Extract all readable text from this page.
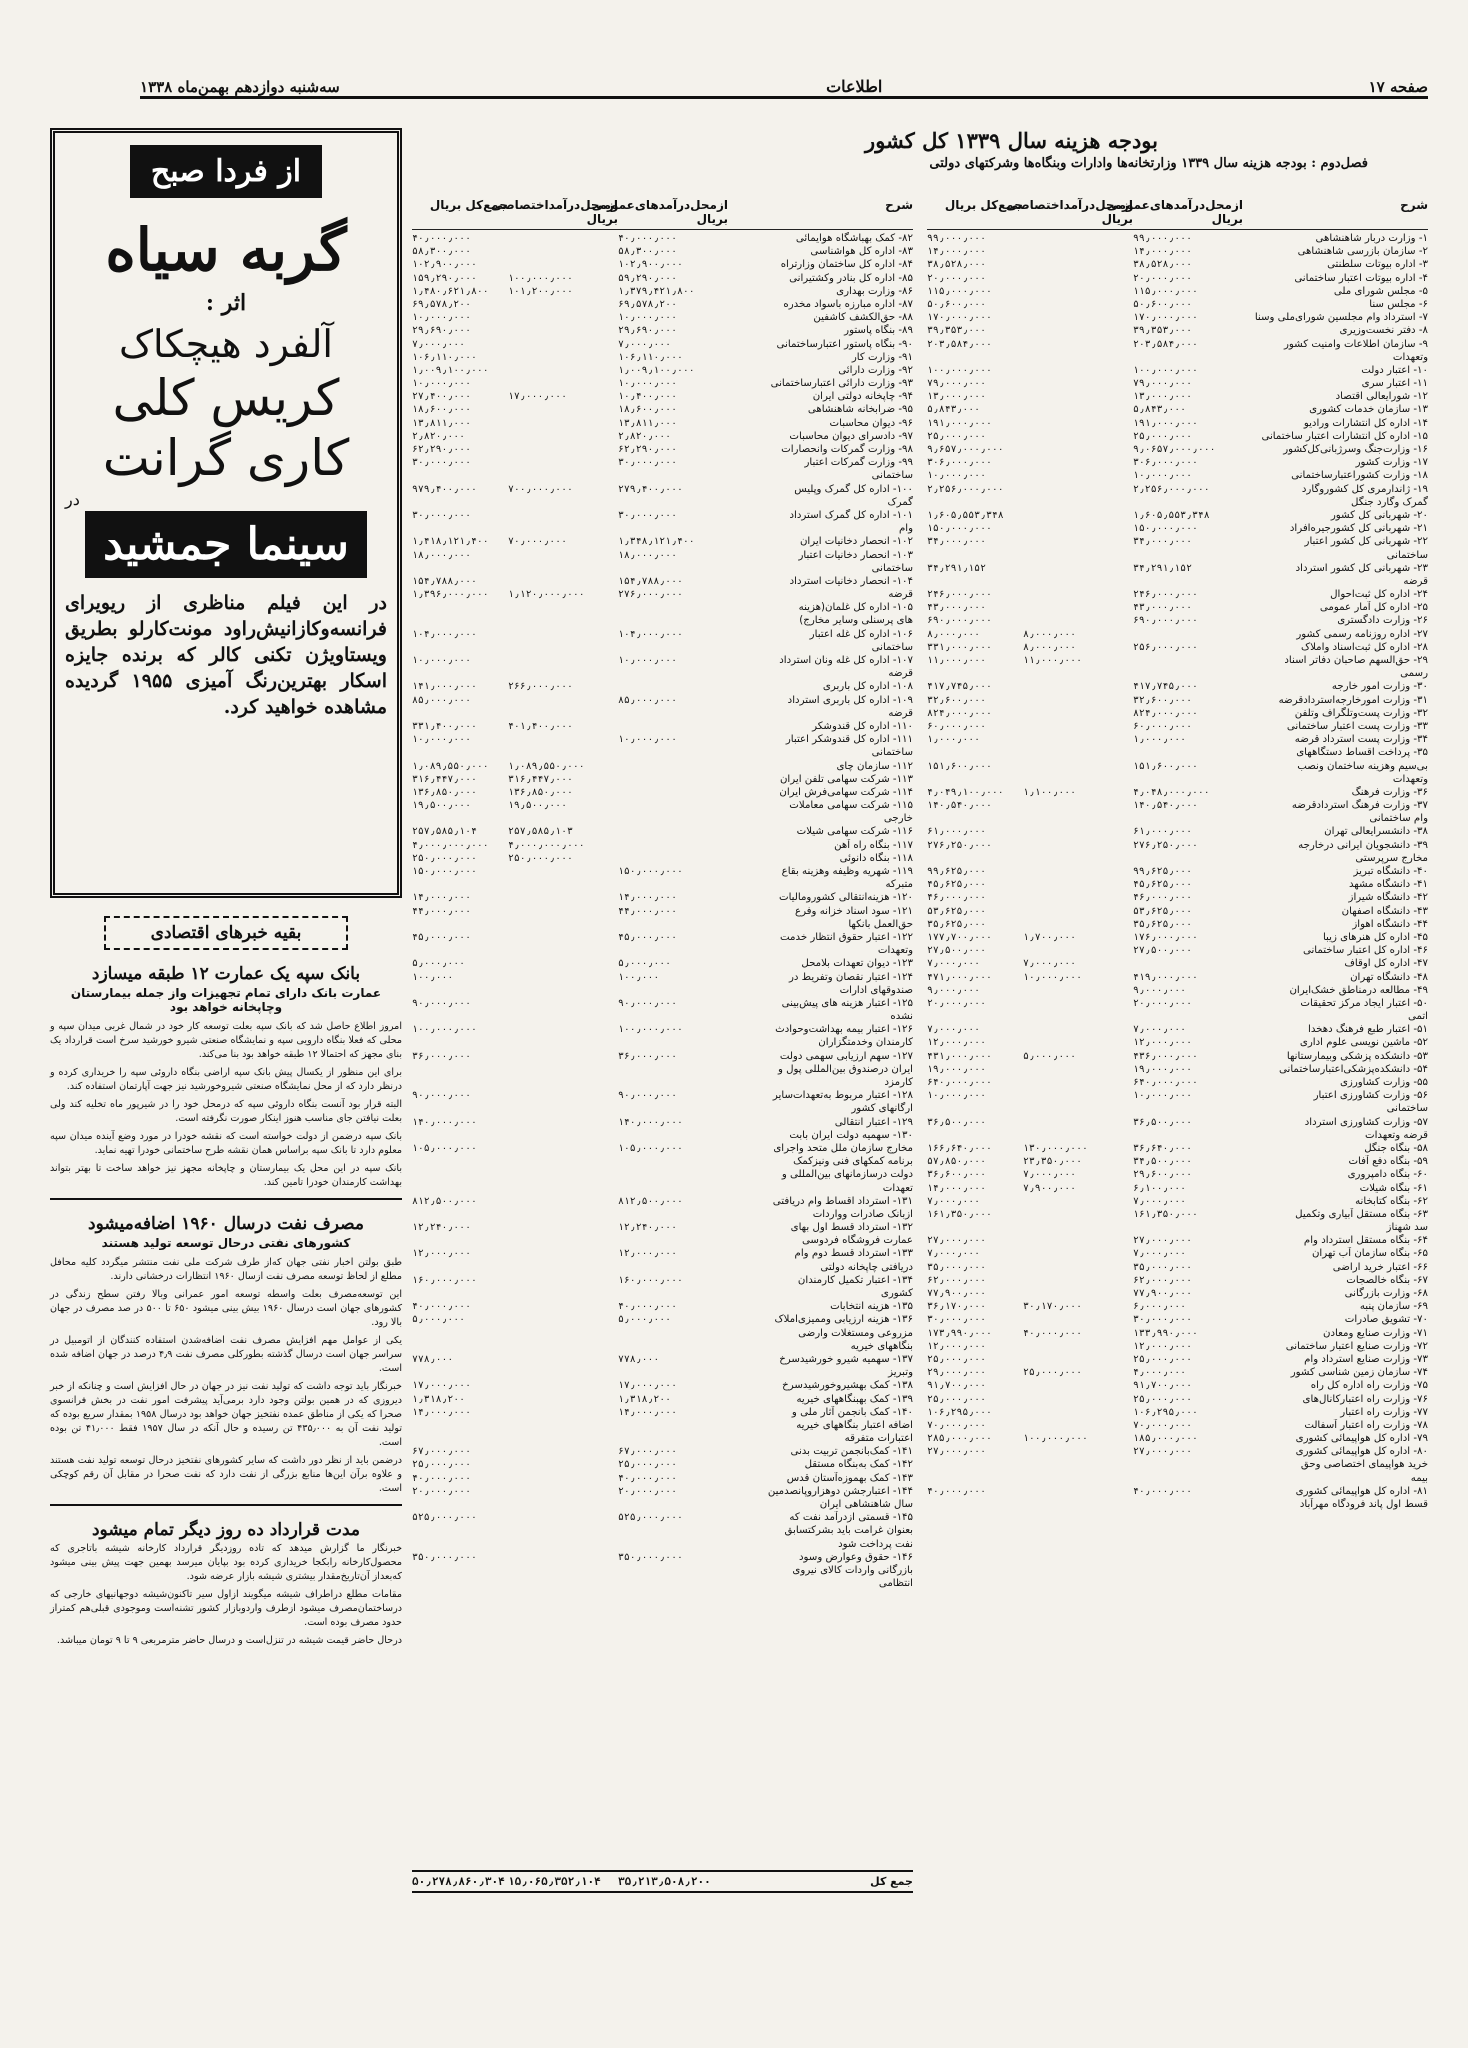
صفحه ۱۷
اطلاعات
سه‌شنبه دوازدهم بهمن‌ماه ۱۳۳۸
بودجه هزینه سال ۱۳۳۹ کل کشور
فصل‌دوم : بودجه هزینه سال ۱۳۳۹ وزارتخانه‌ها وادارات وبنگاه‌ها وشرکتهای دولتی
شرح
ازمحل‌درآمدهای‌عمومی بریال
ازمحل‌درآمداختصاصی بریال
جمع‌کل بریال
۱- وزارت دربار شاهنشاهی
۹۹٫۰۰۰٫۰۰۰
۹۹٫۰۰۰٫۰۰۰
۲- سازمان بازرسی شاهنشاهی
۱۴٫۰۰۰٫۰۰۰
۱۴٫۰۰۰٫۰۰۰
۳- اداره بیوتات سلطنتی
۳۸٫۵۲۸٫۰۰۰
۳۸٫۵۲۸٫۰۰۰
۴- اداره بیوتات اعتبار ساختمانی
۲۰٫۰۰۰٫۰۰۰
۲۰٫۰۰۰٫۰۰۰
۵- مجلس شورای ملی
۱۱۵٫۰۰۰٫۰۰۰
۱۱۵٫۰۰۰٫۰۰۰
۶- مجلس سنا
۵۰٫۶۰۰٫۰۰۰
۵۰٫۶۰۰٫۰۰۰
۷- استرداد وام مجلسین شورای‌ملی وسنا
۱۷۰٫۰۰۰٫۰۰۰
۱۷۰٫۰۰۰٫۰۰۰
۸- دفتر نخست‌وزیری
۳۹٫۳۵۳٫۰۰۰
۳۹٫۳۵۳٫۰۰۰
۹- سازمان اطلاعات وامنیت کشور
۲۰۳٫۵۸۴٫۰۰۰
۲۰۳٫۵۸۴٫۰۰۰
وتعهدات
۱۰- اعتبار دولت
۱۰۰٫۰۰۰٫۰۰۰
۱۰۰٫۰۰۰٫۰۰۰
۱۱- اعتبار سری
۷۹٫۰۰۰٫۰۰۰
۷۹٫۰۰۰٫۰۰۰
۱۲- شورایعالی اقتصاد
۱۳٫۰۰۰٫۰۰۰
۱۳٫۰۰۰٫۰۰۰
۱۳- سازمان خدمات کشوری
۵٫۸۴۳٫۰۰۰
۵٫۸۴۳٫۰۰۰
۱۴- اداره کل انتشارات ورادیو
۱۹۱٫۰۰۰٫۰۰۰
۱۹۱٫۰۰۰٫۰۰۰
۱۵- اداره کل انتشارات اعتبار ساختمانی
۲۵٫۰۰۰٫۰۰۰
۲۵٫۰۰۰٫۰۰۰
۱۶- وزارت‌جنگ وسرژبانی‌کل‌کشور
۹٫۰۶۵۷٫۰۰۰٫۰۰۰
۹٫۶۵۷٫۰۰۰٫۰۰۰
۱۷- وزارت کشور
۳۰۶٫۰۰۰٫۰۰۰
۳۰۶٫۰۰۰٫۰۰۰
۱۸- وزارت کشوراعتبارساختمانی
۱۰٫۰۰۰٫۰۰۰
۱۰٫۰۰۰٫۰۰۰
۱۹- ژاندارمری کل کشوروگارد
۲٫۲۵۶٫۰۰۰٫۰۰۰
۲٫۲۵۶٫۰۰۰٫۰۰۰
گمرک وگارد جنگل
۲۰- شهربانی کل کشور
۱٫۶۰۵٫۵۵۳٫۳۴۸
۱٫۶۰۵٫۵۵۳٫۳۴۸
۲۱- شهربانی کل کشورجیره‌افراد
۱۵۰٫۰۰۰٫۰۰۰
۱۵۰٫۰۰۰٫۰۰۰
۲۲- شهربانی کل کشور اعتبار
۳۴٫۰۰۰٫۰۰۰
۳۴٫۰۰۰٫۰۰۰
ساختمانی
۲۳- شهربانی کل کشور استرداد
۳۴٫۲۹۱٫۱۵۲
۳۴٫۲۹۱٫۱۵۲
قرضه
۲۴- اداره کل ثبت‌احوال
۲۴۶٫۰۰۰٫۰۰۰
۲۴۶٫۰۰۰٫۰۰۰
۲۵- اداره کل آمار عمومی
۴۳٫۰۰۰٫۰۰۰
۴۳٫۰۰۰٫۰۰۰
۲۶- وزارت دادگستری
۶۹۰٫۰۰۰٫۰۰۰
۶۹۰٫۰۰۰٫۰۰۰
۲۷- اداره روزنامه رسمی کشور
۸٫۰۰۰٫۰۰۰
۸٫۰۰۰٫۰۰۰
۲۸- اداره کل ثبت‌اسناد واملاک
۲۵۶٫۰۰۰٫۰۰۰
۸٫۰۰۰٫۰۰۰
۳۳۱٫۰۰۰٫۰۰۰
۲۹- حق‌السهم صاحبان دفاتر اسناد
۱۱٫۰۰۰٫۰۰۰
۱۱٫۰۰۰٫۰۰۰
رسمی
۳۰- وزارت امور خارجه
۴۱۷٫۷۴۵٫۰۰۰
۴۱۷٫۷۴۵٫۰۰۰
۳۱- وزارت امورخارجه‌استردادقرضه
۳۲٫۶۰۰٫۰۰۰
۳۲٫۶۰۰٫۰۰۰
۳۲- وزارت پست‌وتلگراف وتلفن
۸۲۴٫۰۰۰٫۰۰۰
۸۲۴٫۰۰۰٫۰۰۰
۳۳- وزارت پست اعتبار ساختمانی
۶۰٫۰۰۰٫۰۰۰
۶۰٫۰۰۰٫۰۰۰
۳۴- وزارت پست استرداد قرضه
۱٫۰۰۰٫۰۰۰
۱٫۰۰۰٫۰۰۰
۳۵- پرداخت اقساط دستگاههای
بی‌سیم وهزینه ساختمان ونصب
۱۵۱٫۶۰۰٫۰۰۰
۱۵۱٫۶۰۰٫۰۰۰
وتعهدات
۳۶- وزارت فرهنگ
۴٫۰۴۸٫۰۰۰٫۰۰۰
۱٫۱۰۰٫۰۰۰
۴٫۰۴۹٫۱۰۰٫۰۰۰
۳۷- وزارت فرهنگ استردادقرضه
۱۴۰٫۵۴۰٫۰۰۰
۱۴۰٫۵۴۰٫۰۰۰
وام ساختمانی
۳۸- دانشسرایعالی تهران
۶۱٫۰۰۰٫۰۰۰
۶۱٫۰۰۰٫۰۰۰
۳۹- دانشجویان ایرانی درخارجه
۲۷۶٫۲۵۰٫۰۰۰
۲۷۶٫۲۵۰٫۰۰۰
مخارج سرپرستی
۴۰- دانشگاه تبریز
۹۹٫۶۲۵٫۰۰۰
۹۹٫۶۲۵٫۰۰۰
۴۱- دانشگاه مشهد
۴۵٫۶۲۵٫۰۰۰
۴۵٫۶۲۵٫۰۰۰
۴۲- دانشگاه شیراز
۴۶٫۰۰۰٫۰۰۰
۴۶٫۰۰۰٫۰۰۰
۴۳- دانشگاه اصفهان
۵۳٫۶۲۵٫۰۰۰
۵۳٫۶۲۵٫۰۰۰
۴۴- دانشگاه اهواز
۳۵٫۶۲۵٫۰۰۰
۳۵٫۶۲۵٫۰۰۰
۴۵- اداره کل هنرهای زیبا
۱۷۶٫۰۰۰٫۰۰۰
۱٫۷۰۰٫۰۰۰
۱۷۷٫۷۰۰٫۰۰۰
۴۶- اداره کل اعتبار ساختمانی
۲۷٫۵۰۰٫۰۰۰
۲۷٫۵۰۰٫۰۰۰
۴۷- اداره کل اوقاف
۷٫۰۰۰٫۰۰۰
۷٫۰۰۰٫۰۰۰
۴۸- دانشگاه تهران
۴۱۹٫۰۰۰٫۰۰۰
۱۰٫۰۰۰٫۰۰۰
۴۷۱٫۰۰۰٫۰۰۰
۴۹- مطالعه درمناطق خشک‌ایران
۹٫۰۰۰٫۰۰۰
۹٫۰۰۰٫۰۰۰
۵۰- اعتبار ایجاد مرکز تحقیقات
۲۰٫۰۰۰٫۰۰۰
۲۰٫۰۰۰٫۰۰۰
اتمی
۵۱- اعتبار طبع فرهنگ دهخدا
۷٫۰۰۰٫۰۰۰
۷٫۰۰۰٫۰۰۰
۵۲- ماشین نویسی علوم اداری
۱۲٫۰۰۰٫۰۰۰
۱۲٫۰۰۰٫۰۰۰
۵۳- دانشکده پزشکی وبیمارستانها
۴۳۶٫۰۰۰٫۰۰۰
۵٫۰۰۰٫۰۰۰
۴۳۱٫۰۰۰٫۰۰۰
۵۴- دانشکده‌پزشکی‌اعتبارساختمانی
۱۹٫۰۰۰٫۰۰۰
۱۹٫۰۰۰٫۰۰۰
۵۵- وزارت کشاورزی
۶۴۰٫۰۰۰٫۰۰۰
۶۴۰٫۰۰۰٫۰۰۰
۵۶- وزارت کشاورزی اعتبار
۱۰٫۰۰۰٫۰۰۰
۱۰٫۰۰۰٫۰۰۰
ساختمانی
۵۷- وزارت کشاورزی استرداد
۳۶٫۵۰۰٫۰۰۰
۳۶٫۵۰۰٫۰۰۰
قرضه وتعهدات
۵۸- بنگاه جنگل
۳۶٫۶۴۰٫۰۰۰
۱۳۰٫۰۰۰٫۰۰۰
۱۶۶٫۶۴۰٫۰۰۰
۵۹- بنگاه دفع آفات
۳۴٫۵۰۰٫۰۰۰
۲۳٫۳۵۰٫۰۰۰
۵۷٫۸۵۰٫۰۰۰
۶۰- بنگاه دامپروری
۲۹٫۶۰۰٫۰۰۰
۷٫۰۰۰٫۰۰۰
۳۶٫۶۰۰٫۰۰۰
۶۱- بنگاه شیلات
۶٫۱۰۰٫۰۰۰
۷٫۹۰۰٫۰۰۰
۱۴٫۰۰۰٫۰۰۰
۶۲- بنگاه کتابخانه
۷٫۰۰۰٫۰۰۰
۷٫۰۰۰٫۰۰۰
۶۳- بنگاه مستقل آبیاری وتکمیل
۱۶۱٫۳۵۰٫۰۰۰
۱۶۱٫۳۵۰٫۰۰۰
سد شهناز
۶۴- بنگاه مستقل استرداد وام
۲۷٫۰۰۰٫۰۰۰
۲۷٫۰۰۰٫۰۰۰
۶۵- بنگاه سازمان آب تهران
۷٫۰۰۰٫۰۰۰
۷٫۰۰۰٫۰۰۰
۶۶- اعتبار خرید اراضی
۳۵٫۰۰۰٫۰۰۰
۳۵٫۰۰۰٫۰۰۰
۶۷- بنگاه خالصجات
۶۲٫۰۰۰٫۰۰۰
۶۲٫۰۰۰٫۰۰۰
۶۸- وزارت بازرگانی
۷۷٫۹۰۰٫۰۰۰
۷۷٫۹۰۰٫۰۰۰
۶۹- سازمان پنبه
۶٫۰۰۰٫۰۰۰
۳۰٫۱۷۰٫۰۰۰
۳۶٫۱۷۰٫۰۰۰
۷۰- تشویق صادرات
۳۰٫۰۰۰٫۰۰۰
۳۰٫۰۰۰٫۰۰۰
۷۱- وزارت صنایع ومعادن
۱۳۳٫۹۹۰٫۰۰۰
۴۰٫۰۰۰٫۰۰۰
۱۷۳٫۹۹۰٫۰۰۰
۷۲- وزارت صنایع اعتبار ساختمانی
۱۲٫۰۰۰٫۰۰۰
۱۲٫۰۰۰٫۰۰۰
۷۳- وزارت صنایع استرداد وام
۲۵٫۰۰۰٫۰۰۰
۲۵٫۰۰۰٫۰۰۰
۷۴- سازمان زمین شناسی کشور
۴٫۰۰۰٫۰۰۰
۲۵٫۰۰۰٫۰۰۰
۲۹٫۰۰۰٫۰۰۰
۷۵- وزارت راه اداره کل راه
۹۱٫۷۰۰٫۰۰۰
۹۱٫۷۰۰٫۰۰۰
۷۶- وزارت راه اعتبارکانال‌های
۲۵٫۰۰۰٫۰۰۰
۲۵٫۰۰۰٫۰۰۰
۷۷- وزارت راه اعتبار
۱۰۶٫۲۹۵٫۰۰۰
۱۰۶٫۲۹۵٫۰۰۰
۷۸- وزارت راه اعتبار آسفالت
۷۰٫۰۰۰٫۰۰۰
۷۰٫۰۰۰٫۰۰۰
۷۹- اداره کل هواپیمائی کشوری
۱۸۵٫۰۰۰٫۰۰۰
۱۰۰٫۰۰۰٫۰۰۰
۲۸۵٫۰۰۰٫۰۰۰
۸۰- اداره کل هواپیمائی کشوری
۲۷٫۰۰۰٫۰۰۰
۲۷٫۰۰۰٫۰۰۰
خرید هواپیمای اختصاصی وحق
بیمه
۸۱- اداره کل هواپیمائی کشوری
۴۰٫۰۰۰٫۰۰۰
۴۰٫۰۰۰٫۰۰۰
قسط اول پاند فرودگاه مهرآباد
شرح
ازمحل‌درآمدهای‌عمومی بریال
ازمحل‌درآمداختصاصی بریال
جمع‌کل بریال
۸۲- کمک بهباشگاه هوایمائی
۴۰٫۰۰۰٫۰۰۰
۴۰٫۰۰۰٫۰۰۰
۸۳- اداره کل هواشناسی
۵۸٫۳۰۰٫۰۰۰
۵۸٫۳۰۰٫۰۰۰
۸۴- اداره کل ساختمان وزارتراه
۱۰۲٫۹۰۰٫۰۰۰
۱۰۲٫۹۰۰٫۰۰۰
۸۵- اداره کل بنادر وکشتیرانی
۵۹٫۲۹۰٫۰۰۰
۱۰۰٫۰۰۰٫۰۰۰
۱۵۹٫۲۹۰٫۰۰۰
۸۶- وزارت بهداری
۱٫۳۷۹٫۴۲۱٫۸۰۰
۱۰۱٫۲۰۰٫۰۰۰
۱٫۴۸۰٫۶۲۱٫۸۰۰
۸۷- اداره مبارزه باسواد مخدره
۶۹٫۵۷۸٫۲۰۰
۶۹٫۵۷۸٫۲۰۰
۸۸- حق‌الکشف کاشفین
۱۰٫۰۰۰٫۰۰۰
۱۰٫۰۰۰٫۰۰۰
۸۹- بنگاه پاستور
۲۹٫۶۹۰٫۰۰۰
۲۹٫۶۹۰٫۰۰۰
۹۰- بنگاه پاستور اعتبارساختمانی
۷٫۰۰۰٫۰۰۰
۷٫۰۰۰٫۰۰۰
۹۱- وزارت کار
۱۰۶٫۱۱۰٫۰۰۰
۱۰۶٫۱۱۰٫۰۰۰
۹۲- وزارت دارائی
۱٫۰۰۹٫۱۰۰٫۰۰۰
۱٫۰۰۹٫۱۰۰٫۰۰۰
۹۳- وزارت دارائی اعتبارساختمانی
۱۰٫۰۰۰٫۰۰۰
۱۰٫۰۰۰٫۰۰۰
۹۴- چاپخانه دولتی ایران
۱۰٫۴۰۰٫۰۰۰
۱۷٫۰۰۰٫۰۰۰
۲۷٫۴۰۰٫۰۰۰
۹۵- ضرابخانه شاهنشاهی
۱۸٫۶۰۰٫۰۰۰
۱۸٫۶۰۰٫۰۰۰
۹۶- دیوان محاسبات
۱۳٫۸۱۱٫۰۰۰
۱۳٫۸۱۱٫۰۰۰
۹۷- دادسرای دیوان محاسبات
۲٫۸۲۰٫۰۰۰
۲٫۸۲۰٫۰۰۰
۹۸- وزارت گمرکات وانحصارات
۶۲٫۲۹۰٫۰۰۰
۶۲٫۲۹۰٫۰۰۰
۹۹- وزارت گمرکات اعتبار
۳۰٫۰۰۰٫۰۰۰
۳۰٫۰۰۰٫۰۰۰
ساختمانی
۱۰۰- اداره کل گمرک وپلیس
۲۷۹٫۴۰۰٫۰۰۰
۷۰۰٫۰۰۰٫۰۰۰
۹۷۹٫۴۰۰٫۰۰۰
گمرک
۱۰۱- اداره کل گمرک استرداد
۳۰٫۰۰۰٫۰۰۰
۳۰٫۰۰۰٫۰۰۰
وام
۱۰۲- انحصار دخانیات ایران
۱٫۳۴۸٫۱۲۱٫۴۰۰
۷۰٫۰۰۰٫۰۰۰
۱٫۴۱۸٫۱۲۱٫۴۰۰
۱۰۳- انحصار دخانیات اعتبار
۱۸٫۰۰۰٫۰۰۰
۱۸٫۰۰۰٫۰۰۰
ساختمانی
۱۰۴- انحصار دخانیات استرداد
۱۵۴٫۷۸۸٫۰۰۰
۱۵۴٫۷۸۸٫۰۰۰
قرضه
۲۷۶٫۰۰۰٫۰۰۰
۱٫۱۲۰٫۰۰۰٫۰۰۰
۱٫۳۹۶٫۰۰۰٫۰۰۰
۱۰۵- اداره کل غلمان(هزینه
های پرسنلی وسایر مخارج)
۱۰۶- اداره کل غله اعتبار
۱۰۴٫۰۰۰٫۰۰۰
۱۰۴٫۰۰۰٫۰۰۰
ساختمانی
۱۰۷- اداره کل غله ونان استرداد
۱۰٫۰۰۰٫۰۰۰
۱۰٫۰۰۰٫۰۰۰
قرضه
۱۰۸- اداره کل باربری
۲۶۶٫۰۰۰٫۰۰۰
۱۴۱٫۰۰۰٫۰۰۰
۱۰۹- اداره کل باربری استرداد
۸۵٫۰۰۰٫۰۰۰
۸۵٫۰۰۰٫۰۰۰
قرضه
۱۱۰- اداره کل قندوشکر
۴۰۱٫۴۰۰٫۰۰۰
۳۳۱٫۴۰۰٫۰۰۰
۱۱۱- اداره کل قندوشکر اعتبار
۱۰٫۰۰۰٫۰۰۰
۱۰٫۰۰۰٫۰۰۰
ساختمانی
۱۱۲- سازمان چای
۱٫۰۸۹٫۵۵۰٫۰۰۰
۱٫۰۸۹٫۵۵۰٫۰۰۰
۱۱۳- شرکت سهامی تلفن ایران
۳۱۶٫۴۴۷٫۰۰۰
۳۱۶٫۴۴۷٫۰۰۰
۱۱۴- شرکت سهامی‌فرش ایران
۱۳۶٫۸۵۰٫۰۰۰
۱۳۶٫۸۵۰٫۰۰۰
۱۱۵- شرکت سهامی معاملات
۱۹٫۵۰۰٫۰۰۰
۱۹٫۵۰۰٫۰۰۰
خارجی
۱۱۶- شرکت سهامی شیلات
۲۵۷٫۵۸۵٫۱۰۳
۲۵۷٫۵۸۵٫۱۰۴
۱۱۷- بنگاه راه آهن
۴٫۰۰۰٫۰۰۰٫۰۰۰
۴٫۰۰۰٫۰۰۰٫۰۰۰
۱۱۸- بنگاه دانوئی
۲۵۰٫۰۰۰٫۰۰۰
۲۵۰٫۰۰۰٫۰۰۰
۱۱۹- شهریه وظیفه وهزینه بقاع
۱۵۰٫۰۰۰٫۰۰۰
۱۵۰٫۰۰۰٫۰۰۰
متبرکه
۱۲۰- هزینه‌انتقالی کشورومالیات
۱۴٫۰۰۰٫۰۰۰
۱۴٫۰۰۰٫۰۰۰
۱۲۱- سود اسناد خزانه وفرع
۴۴٫۰۰۰٫۰۰۰
۴۴٫۰۰۰٫۰۰۰
حق‌العمل بانکها
۱۲۲- اعتبار حقوق انتظار خدمت
۴۵٫۰۰۰٫۰۰۰
۴۵٫۰۰۰٫۰۰۰
وتعهدات
۱۲۳- دیوان تعهدات بلامحل
۵٫۰۰۰٫۰۰۰
۵٫۰۰۰٫۰۰۰
۱۲۴- اعتبار نقصان وتفریط در
۱۰۰٫۰۰۰
۱۰۰٫۰۰۰
صندوقهای ادارات
۱۲۵- اعتبار هزینه های پیش‌بینی
۹۰٫۰۰۰٫۰۰۰
۹۰٫۰۰۰٫۰۰۰
نشده
۱۲۶- اعتبار بیمه بهداشت‌وحوادث
۱۰۰٫۰۰۰٫۰۰۰
۱۰۰٫۰۰۰٫۰۰۰
کارمندان وخدمتگزاران
۱۲۷- سهم ارزیابی سهمی دولت
۳۶٫۰۰۰٫۰۰۰
۳۶٫۰۰۰٫۰۰۰
ایران درصندوق بین‌المللی پول و
کارمزد
۱۲۸- اعتبار مربوط به‌تعهدات‌سایر
۹۰٫۰۰۰٫۰۰۰
۹۰٫۰۰۰٫۰۰۰
ارگانهای کشور
۱۲۹- اعتبار انتقالی
۱۴۰٫۰۰۰٫۰۰۰
۱۴۰٫۰۰۰٫۰۰۰
۱۳۰- سهمیه دولت ایران بابت
مخارج سازمان ملل متحد واجرای
۱۰۵٫۰۰۰٫۰۰۰
۱۰۵٫۰۰۰٫۰۰۰
برنامه کمکهای فنی ونیزکمک
دولت درسازمانهای بین‌المللی و
تعهدات
۱۳۱- استرداد اقساط وام دریافتی
۸۱۲٫۵۰۰٫۰۰۰
۸۱۲٫۵۰۰٫۰۰۰
ازبانک صادرات وواردات
۱۳۲- استرداد قسط اول بهای
۱۲٫۲۴۰٫۰۰۰
۱۲٫۲۴۰٫۰۰۰
عمارت فروشگاه فردوسی
۱۳۳- استرداد قسط دوم وام
۱۲٫۰۰۰٫۰۰۰
۱۲٫۰۰۰٫۰۰۰
دریافتی چاپخانه دولتی
۱۳۴- اعتبار تکمیل کارمندان
۱۶۰٫۰۰۰٫۰۰۰
۱۶۰٫۰۰۰٫۰۰۰
کشوری
۱۳۵- هزینه انتخابات
۴۰٫۰۰۰٫۰۰۰
۴۰٫۰۰۰٫۰۰۰
۱۳۶- هزینه ارزیابی وممیزی‌املاک
۵٫۰۰۰٫۰۰۰
۵٫۰۰۰٫۰۰۰
مزروعی ومستغلات وارضی
بنگاههای خیریه
۱۳۷- سهمیه شیرو خورشیدسرخ
۷۷۸٫۰۰۰
۷۷۸٫۰۰۰
وتبریز
۱۳۸- کمک بهشیروخورشیدسرخ
۱۷٫۰۰۰٫۰۰۰
۱۷٫۰۰۰٫۰۰۰
۱۳۹- کمک بهبنگاههای خیریه
۱٫۳۱۸٫۲۰۰
۱٫۳۱۸٫۲۰۰
۱۴۰- کمک بانجمن آثار ملی و
۱۴٫۰۰۰٫۰۰۰
۱۴٫۰۰۰٫۰۰۰
اضافه اعتبار بنگاههای خیریه
اعتبارات متفرقه
۱۴۱- کمک‌بانجمن تربیت بدنی
۶۷٫۰۰۰٫۰۰۰
۶۷٫۰۰۰٫۰۰۰
۱۴۲- کمک به‌بنگاه مستقل
۲۵٫۰۰۰٫۰۰۰
۲۵٫۰۰۰٫۰۰۰
۱۴۳- کمک بهموزه‌آستان قدس
۴۰٫۰۰۰٫۰۰۰
۴۰٫۰۰۰٫۰۰۰
۱۴۴- اعتبارجشن دوهزاروپانصدمین
۲۰٫۰۰۰٫۰۰۰
۲۰٫۰۰۰٫۰۰۰
سال شاهنشاهی ایران
۱۴۵- قسمتی ازدرآمد نفت که
۵۲۵٫۰۰۰٫۰۰۰
۵۲۵٫۰۰۰٫۰۰۰
بعنوان غرامت باید بشرکتسابق
نفت پرداخت شود
۱۴۶- حقوق وعوارض وسود
۳۵۰٫۰۰۰٫۰۰۰
۳۵۰٫۰۰۰٫۰۰۰
بازرگانی واردات کالای نیروی
انتظامی
جمع کل
۳۵٫۲۱۳٫۵۰۸٫۲۰۰
۱۵٫۰۶۵٫۳۵۲٫۱۰۴
۵۰٫۲۷۸٫۸۶۰٫۳۰۴
از فردا صبح
گربه سیاه
اثر :
آلفرد هیچکاک
کریس کلی
کاری گرانت
در
سینما جمشید
در این فیلم مناظری از ریویرای فرانسه‌وکازانیش‌راود مونت‌کارلو بطریق ویستاویژن تکنی کالر که برنده جایزه اسکار بهترین‌رنگ آمیزی ۱۹۵۵ گردیده مشاهده خواهید کرد.
بقیه خبرهای اقتصادی
بانک سپه یک عمارت ۱۲ طبقه میسازد
عمارت بانک دارای تمام تجهیزات واز جمله بیمارستان وچاپخانه خواهد بود

امروز اطلاع حاصل شد که بانک سپه بعلت توسعه کار خود در شمال غربی میدان سپه و محلی که فعلا بنگاه دارویی سپه و نمایشگاه صنعتی شیرو خورشید سرخ است قرارداد یک بنای مجهز که احتمالا ۱۲ طبقه خواهد بود بنا می‌کند.

برای این منظور از یکسال پیش بانک سپه اراضی بنگاه داروئی سپه را خریداری کرده و درنظر دارد که از محل نمایشگاه صنعتی شیروخورشید نیز جهت آپارتمان استفاده کند.

البته قرار بود آنست بنگاه داروئی سپه که درمحل خود را در شیرپور ماه تخلیه کند ولی بعلت نیافتن جای مناسب هنوز اینکار صورت نگرفته است.

بانک سپه درضمن از دولت خواسته است که نقشه خودرا در مورد وضع آینده میدان سپه معلوم دارد تا بانک سپه براساس همان نقشه طرح ساختمانی خودرا تهیه نماید.

بانک سپه در این محل یک بیمارستان و چاپخانه مجهز نیز خواهد ساخت تا بهتر بتواند بهداشت کارمندان خودرا تامین کند.

مصرف نفت درسال ۱۹۶۰ اضافه‌میشود
کشورهای نفتی درحال توسعه تولید هستند

طبق بولتن اخبار نفتی جهان که‌از طرف شرکت ملی نفت منتشر میگردد کلیه محافل مطلع از لحاظ توسعه مصرف نفت ازسال ۱۹۶۰ انتظارات درخشانی دارند.

این توسعه‌مصرف بعلت واسطه توسعه امور عمرانی وبالا رفتن سطح زندگی در کشورهای جهان است درسال ۱۹۶۰ بیش بینی میشود ۶۵۰ تا ۵۰۰ در صد مصرف در جهان بالا رود.

یکی از عوامل مهم افزایش مصرف نفت اضافه‌شدن استفاده کنندگان از اتومبیل در سراسر جهان است درسال گذشته بطورکلی مصرف نفت ۴٫۹ درصد در جهان اضافه شده است.

خبرنگار باید توجه داشت که تولید نفت نیز در جهان در حال افزایش است و چنانکه از خبر دیروزی که در همین بولتن وجود دارد برمی‌آید پیشرفت امور نفت در بخش فرانسوی صحرا که یکی از مناطق عمده نفتخیز جهان خواهد بود درسال ۱۹۵۸ بمقدار سریع بوده که تولید نفت آن به ۴۳۵٫۰۰۰ تن رسیده و حال آنکه در سال ۱۹۵۷ فقط ۴۱٫۰۰۰ تن بوده است.

درضمن باید از نظر دور داشت که سایر کشورهای نفتخیز درحال توسعه تولید نفت هستند و علاوه برآن این‌ها منابع بزرگی از نفت دارد که نفت صحرا در مقابل آن رقم کوچکی است.

مدت قرارداد ده روز دیگر تمام میشود

خبرنگار ما گزارش میدهد که تاده روزدیگر قرارداد کارخانه شیشه باتاجری که محصول‌کارخانه رابکجا خریداری کرده بود بپایان میرسد بهمین جهت پیش بینی میشود که‌بعداز آن‌تاریخ‌مقدار بیشتری شیشه بازار عرضه شود.

مقامات مطلع دراطراف شیشه میگویند ازاول سیر تاکنون‌شیشه دوجهانیهای خارجی که درساختمان‌مصرف میشود ازطرف وارد‌وبازار کشور تشنه‌است وموجودی قبلی‌هم کمتراز حدود مصرف بوده است.

درحال حاضر قیمت شیشه در تنزل‌است و درسال حاضر مترمربعی ۹ تا ۹ تومان میباشد.
